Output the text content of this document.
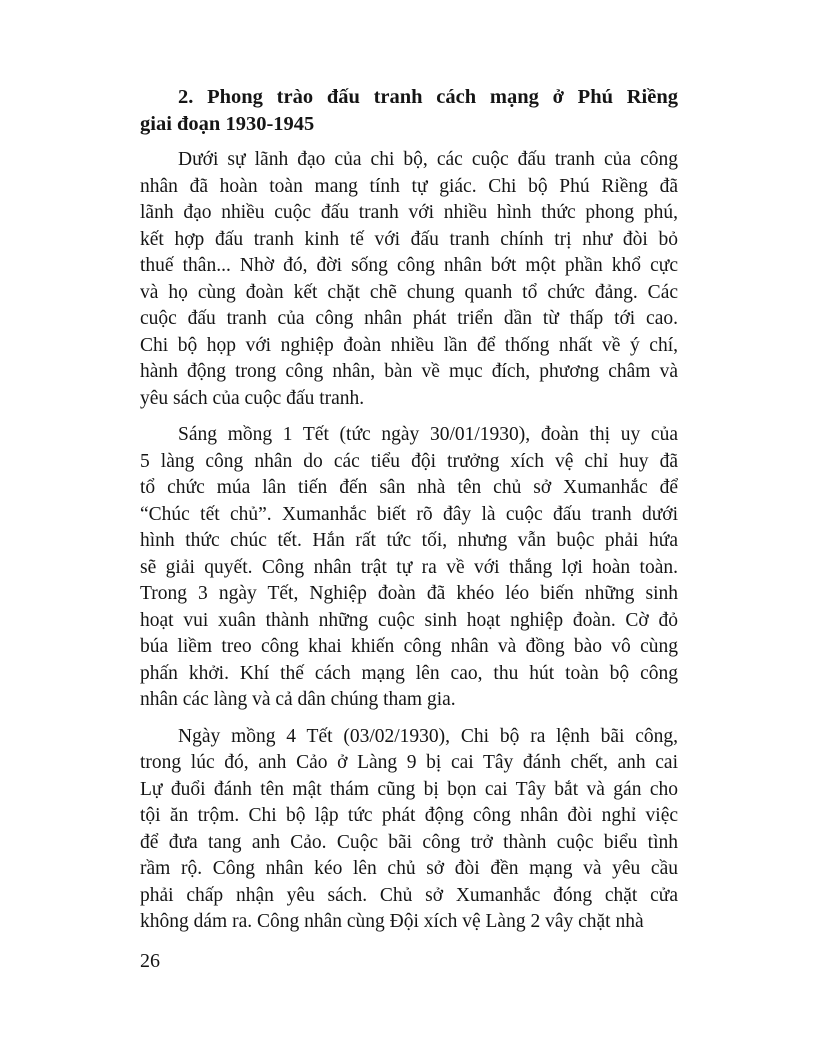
2. Phong trào đấu tranh cách mạng ở Phú Riềng
giai đoạn 1930-1945
Dưới sự lãnh đạo của chi bộ, các cuộc đấu tranh của công
nhân đã hoàn toàn mang tính tự giác. Chi bộ Phú Riềng đã
lãnh đạo nhiều cuộc đấu tranh với nhiều hình thức phong phú,
kết hợp đấu tranh kinh tế với đấu tranh chính trị như đòi bỏ
thuế thân... Nhờ đó, đời sống công nhân bớt một phần khổ cực
và họ cùng đoàn kết chặt chẽ chung quanh tổ chức đảng. Các
cuộc đấu tranh của công nhân phát triển dần từ thấp tới cao.
Chi bộ họp với nghiệp đoàn nhiều lần để thống nhất về ý chí,
hành động trong công nhân, bàn về mục đích, phương châm và
yêu sách của cuộc đấu tranh.
Sáng mồng 1 Tết (tức ngày 30/01/1930), đoàn thị uy của
5 làng công nhân do các tiểu đội trưởng xích vệ chỉ huy đã
tổ chức múa lân tiến đến sân nhà tên chủ sở Xumanhắc để
“Chúc tết chủ”. Xumanhắc biết rõ đây là cuộc đấu tranh dưới
hình thức chúc tết. Hắn rất tức tối, nhưng vẫn buộc phải hứa
sẽ giải quyết. Công nhân trật tự ra về với thắng lợi hoàn toàn.
Trong 3 ngày Tết, Nghiệp đoàn đã khéo léo biến những sinh
hoạt vui xuân thành những cuộc sinh hoạt nghiệp đoàn. Cờ đỏ
búa liềm treo công khai khiến công nhân và đồng bào vô cùng
phấn khởi. Khí thế cách mạng lên cao, thu hút toàn bộ công
nhân các làng và cả dân chúng tham gia.
Ngày mồng 4 Tết (03/02/1930), Chi bộ ra lệnh bãi công,
trong lúc đó, anh Cảo ở Làng 9 bị cai Tây đánh chết, anh cai
Lự đuổi đánh tên mật thám cũng bị bọn cai Tây bắt và gán cho
tội ăn trộm. Chi bộ lập tức phát động công nhân đòi nghỉ việc
để đưa tang anh Cảo. Cuộc bãi công trở thành cuộc biểu tình
rầm rộ. Công nhân kéo lên chủ sở đòi đền mạng và yêu cầu
phải chấp nhận yêu sách. Chủ sở Xumanhắc đóng chặt cửa
không dám ra. Công nhân cùng Đội xích vệ Làng 2 vây chặt nhà
26
